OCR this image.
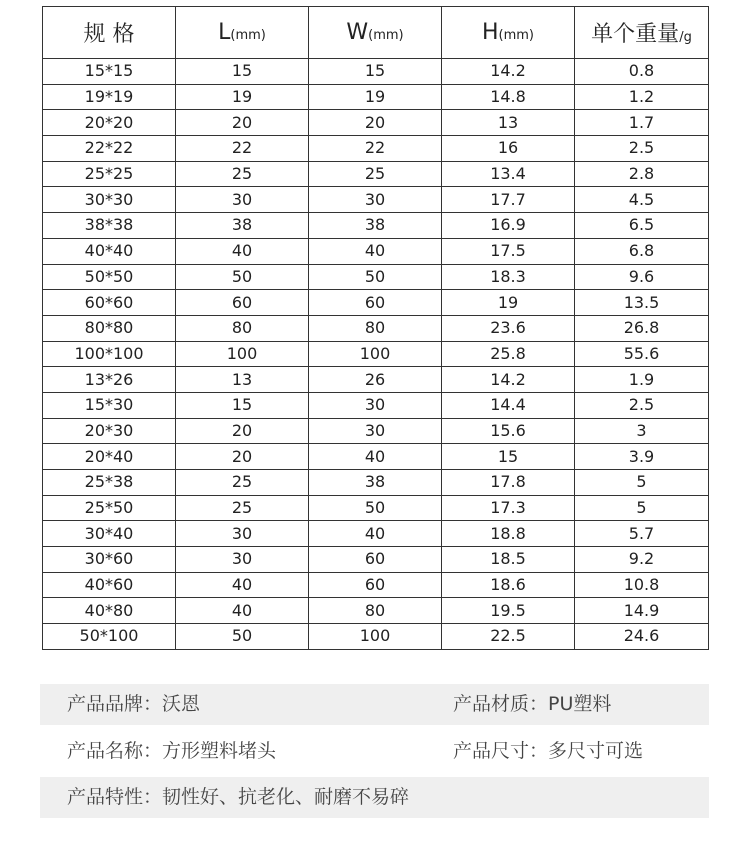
规 格	L(mm)	W(mm)	H(mm)	单个重量/g
15*15	15	15	14.2	0.8
19*19	19	19	14.8	1.2
20*20	20	20	13	1.7
22*22	22	22	16	2.5
25*25	25	25	13.4	2.8
30*30	30	30	17.7	4.5
38*38	38	38	16.9	6.5
40*40	40	40	17.5	6.8
50*50	50	50	18.3	9.6
60*60	60	60	19	13.5
80*80	80	80	23.6	26.8
100*100	100	100	25.8	55.6
13*26	13	26	14.2	1.9
15*30	15	30	14.4	2.5
20*30	20	30	15.6	3
20*40	20	40	15	3.9
25*38	25	38	17.8	5
25*50	25	50	17.3	5
30*40	30	40	18.8	5.7
30*60	30	60	18.5	9.2
40*60	40	60	18.6	10.8
40*80	40	80	19.5	14.9
50*100	50	100	22.5	24.6
产品品牌：沃恩	产品材质：PU塑料
产品名称：方形塑料堵头	产品尺寸：多尺寸可选
产品特性：韧性好、抗老化、耐磨不易碎
